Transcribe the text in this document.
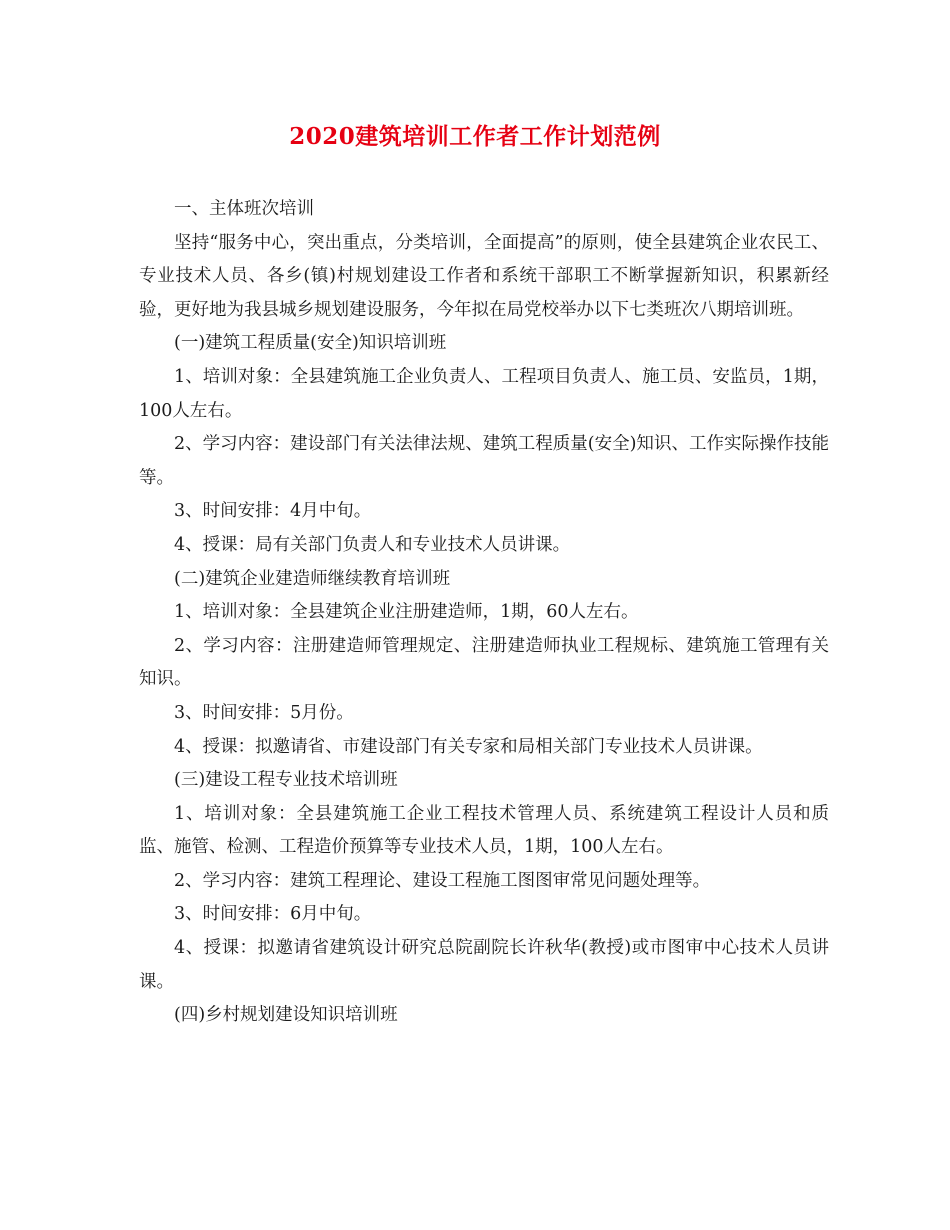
2020建筑培训工作者工作计划范例

一、主体班次培训

坚持“服务中心，突出重点，分类培训，全面提高”的原则，使全县建筑企业农民工、专业技术人员、各乡(镇)村规划建设工作者和系统干部职工不断掌握新知识，积累新经验，更好地为我县城乡规划建设服务，今年拟在局党校举办以下七类班次八期培训班。

(一)建筑工程质量(安全)知识培训班

1、培训对象：全县建筑施工企业负责人、工程项目负责人、施工员、安监员，1期，100人左右。

2、学习内容：建设部门有关法律法规、建筑工程质量(安全)知识、工作实际操作技能等。

3、时间安排：4月中旬。

4、授课：局有关部门负责人和专业技术人员讲课。

(二)建筑企业建造师继续教育培训班

1、培训对象：全县建筑企业注册建造师，1期，60人左右。

2、学习内容：注册建造师管理规定、注册建造师执业工程规标、建筑施工管理有关知识。

3、时间安排：5月份。

4、授课：拟邀请省、市建设部门有关专家和局相关部门专业技术人员讲课。

(三)建设工程专业技术培训班

1、培训对象：全县建筑施工企业工程技术管理人员、系统建筑工程设计人员和质监、施管、检测、工程造价预算等专业技术人员，1期，100人左右。

2、学习内容：建筑工程理论、建设工程施工图图审常见问题处理等。

3、时间安排：6月中旬。

4、授课：拟邀请省建筑设计研究总院副院长许秋华(教授)或市图审中心技术人员讲课。

(四)乡村规划建设知识培训班
